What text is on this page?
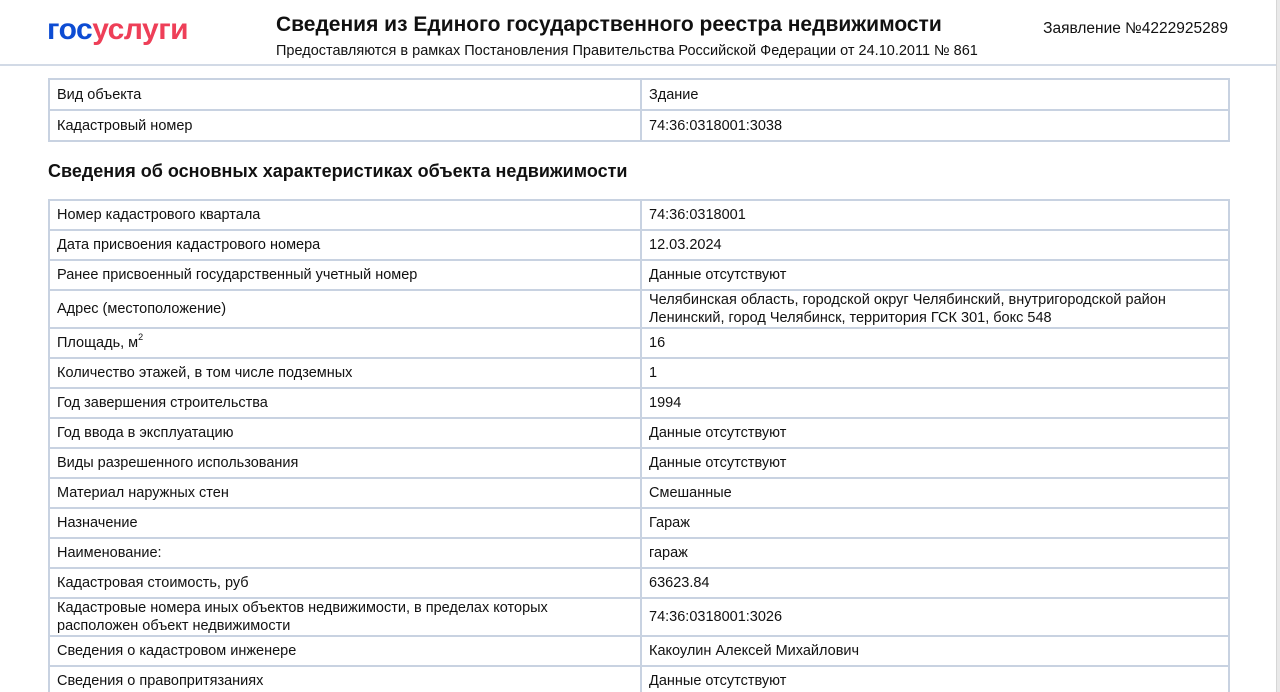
госуслуги	Сведения из Единого государственного реестра недвижимости
Предоставляются в рамках Постановления Правительства Российской Федерации от 24.10.2011 № 861
Заявление №4222925289
Вид объекта	Здание
Кадастровый номер	74:36:0318001:3038
Сведения об основных характеристиках объекта недвижимости
Номер кадастрового квартала	74:36:0318001
Дата присвоения кадастрового номера	12.03.2024
Ранее присвоенный государственный учетный номер	Данные отсутствуют
Адрес (местоположение)	Челябинская область, городской округ Челябинский, внутригородской район Ленинский, город Челябинск, территория ГСК 301, бокс 548
Площадь, $м^2$	16
Количество этажей, в том числе подземных	1
Год завершения строительства	1994
Год ввода в эксплуатацию	Данные отсутствуют
Виды разрешенного использования	Данные отсутствуют
Материал наружных стен	Смешанные
Назначение	Гараж
Наименование:	гараж
Кадастровая стоимость, руб	63623.84
Кадастровые номера иных объектов недвижимости, в пределах которых расположен объект недвижимости	74:36:0318001:3026
Сведения о кадастровом инженере	Какоулин Алексей Михайлович
Сведения о правопритязаниях	Данные отсутствуют
